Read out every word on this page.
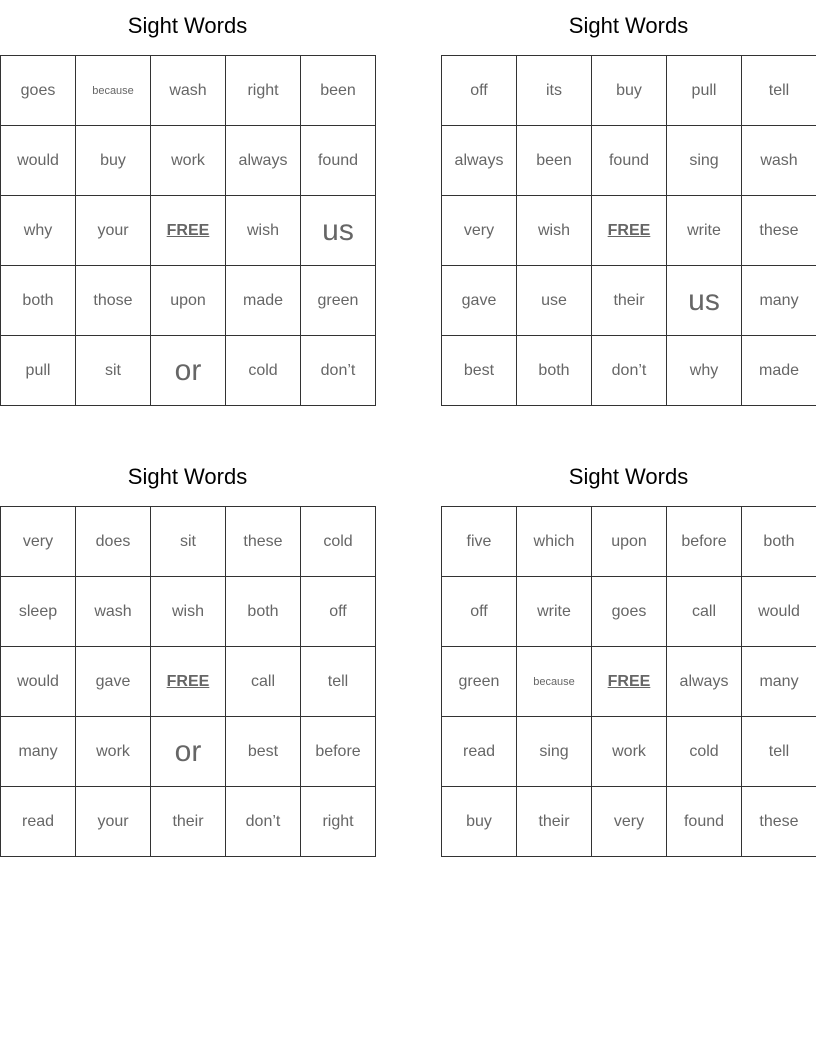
Sight Words
goes	because	wash	right	been
would	buy	work	always	found
why	your	FREE	wish	us
both	those	upon	made	green
pull	sit	or	cold	don’t
Sight Words
off	its	buy	pull	tell
always	been	found	sing	wash
very	wish	FREE	write	these
gave	use	their	us	many
best	both	don’t	why	made
Sight Words
very	does	sit	these	cold
sleep	wash	wish	both	off
would	gave	FREE	call	tell
many	work	or	best	before
read	your	their	don’t	right
Sight Words
five	which	upon	before	both
off	write	goes	call	would
green	because	FREE	always	many
read	sing	work	cold	tell
buy	their	very	found	these
